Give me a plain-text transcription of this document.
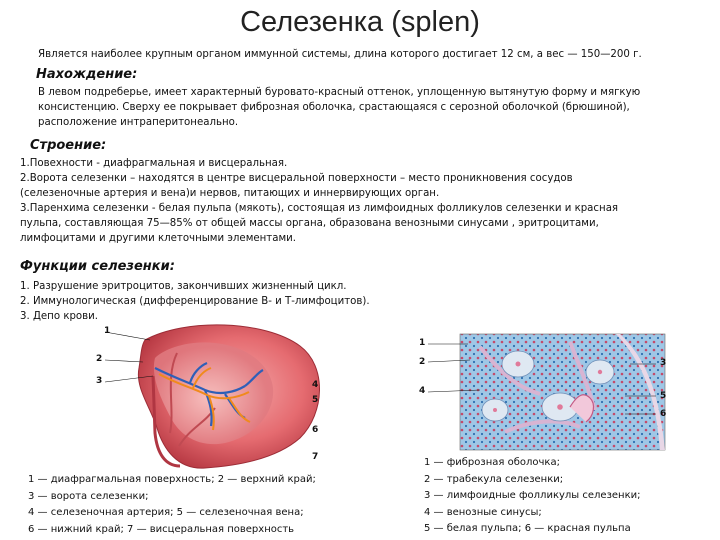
Селезенка (splen)
Является наиболее крупным органом иммунной системы, длина которого достигает 12 см, а вес — 150—200 г.
Нахождение:
В левом подреберье, имеет характерный буровато-красный оттенок, уплощенную вытянутую форму и мягкую
консистенцию. Сверху ее покрывает фиброзная оболочка, срастающаяся с серозной оболочкой (брюшиной),
расположение интраперитонеально.
Строение:
1.Повехности - диафрагмальная и висцеральная.
2.Ворота селезенки – находятся в центре висцеральной поверхности – место проникновения сосудов
(селезеночные артерия и вена)и нервов, питающих и иннервирующих орган.
3.Паренхима селезенки - белая пульпа (мякоть), состоящая из лимфоидных фолликулов селезенки и красная
пульпа, составляющая 75—85% от общей массы органа, образована венозными синусами , эритроцитами,
лимфоцитами и другими клеточными элементами.
Функции селезенки:
1. Разрушение эритроцитов, закончивших жизненный цикл.
2. Иммунологическая (дифференцирование В- и Т-лимфоцитов).
3. Депо крови.
1
2
3
1 — диафрагмальная поверхность; 2 — верхний край;
3 — ворота селезенки;
4 — селезеночная артерия; 5 — селезеночная вена;
6 — нижний край; 7 — висцеральная поверхность
1
2	3
4	5
6
1 — фиброзная оболочка;
2 — трабекула селезенки;
3 — лимфоидные фолликулы селезенки;
4 — венозные синусы;
5 — белая пульпа; 6 — красная пульпа
4
5
6
7
